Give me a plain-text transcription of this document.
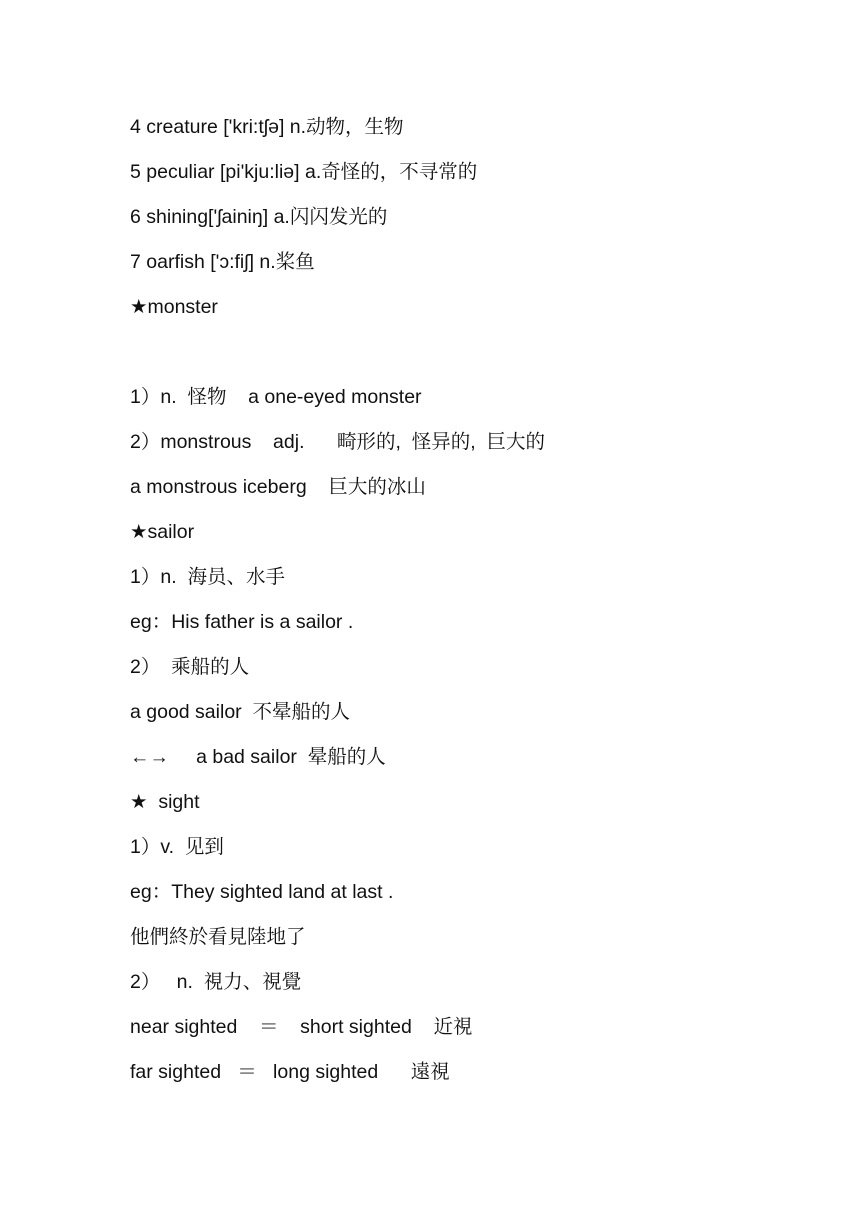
4 creature ['kri:tʃə] n.动物，生物
5 peculiar [pi'kju:liə] a.奇怪的，不寻常的
6 shining['ʃainiŋ] a.闪闪发光的
7 oarfish ['ɔ:fiʃ] n.桨鱼
★monster
1）n.  怪物    a one-eyed monster
2）monstrous    adj.      畸形的,  怪异的,  巨大的
a monstrous iceberg    巨大的冰山
★sailor
1）n.  海员、水手
eg：His father is a sailor .
2）  乘船的人
a good sailor  不晕船的人
←→     a bad sailor  晕船的人
★  sight
1）v.  见到
eg：They sighted land at last .
他們終於看見陸地了
2）   n.  視力、視覺
near sighted    ＝    short sighted    近視
far sighted   ＝   long sighted      遠視
